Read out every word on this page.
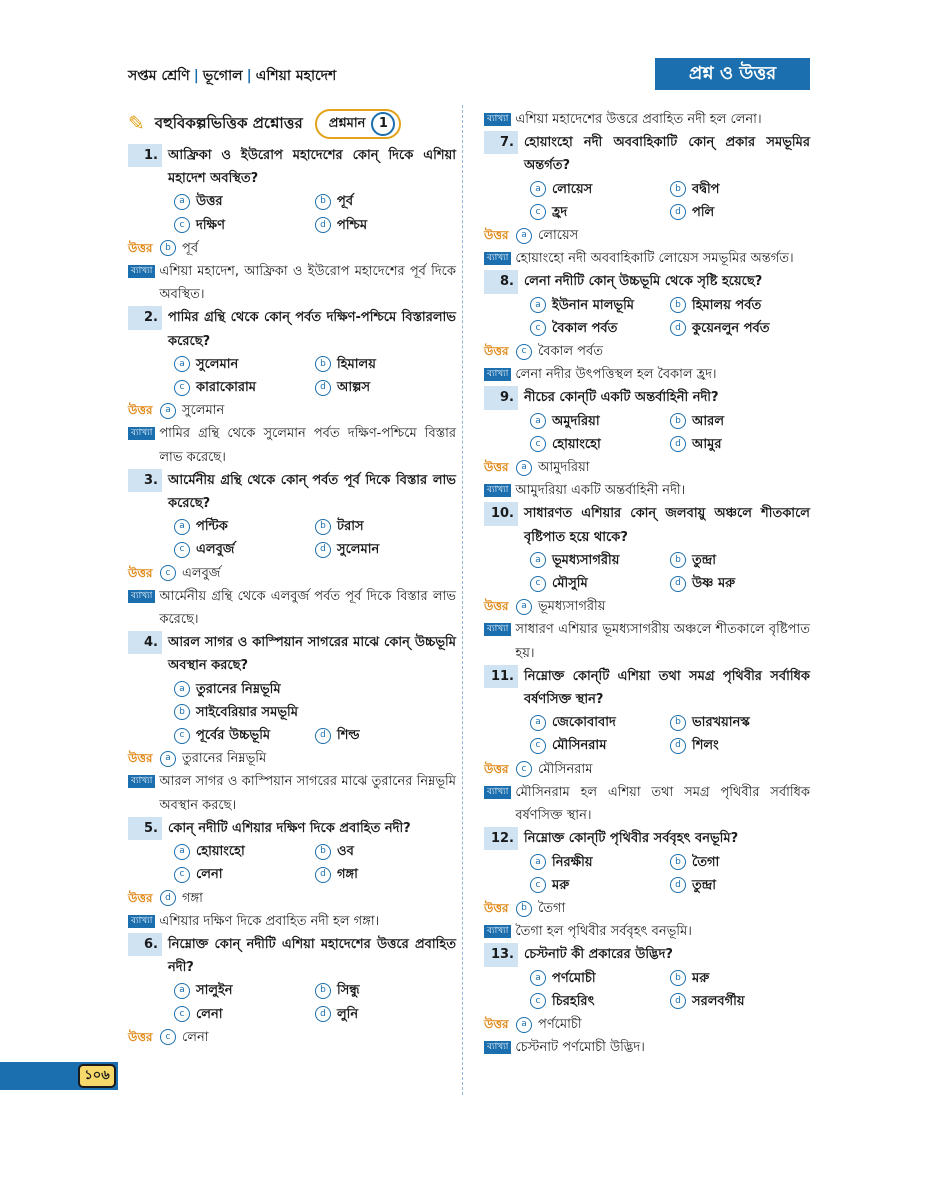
সপ্তম শ্রেণি | ভূগোল | এশিয়া মহাদেশ	প্রশ্ন ও উত্তর
✎ বহুবিকল্পভিত্তিক প্রশ্নোত্তর প্রশ্নমান	1
1. আফ্রিকা ও ইউরোপ মহাদেশের কোন্ দিকে এশিয়া মহাদেশ অবস্থিত?
a উত্তর	b পূর্ব
c দক্ষিণ	d পশ্চিম
উত্তর	b পূর্ব
ব্যাখ্যা এশিয়া মহাদেশ, আফ্রিকা ও ইউরোপ মহাদেশের পূর্ব দিকে অবস্থিত।
2. পামির গ্রন্থি থেকে কোন্ পর্বত দক্ষিণ-পশ্চিমে বিস্তারলাভ করেছে?
a সুলেমান	b হিমালয়
c কারাকোরাম	d আল্পস
উত্তর	a সুলেমান
ব্যাখ্যা পামির গ্রন্থি থেকে সুলেমান পর্বত দক্ষিণ-পশ্চিমে বিস্তার লাভ করেছে।
3. আর্মেনীয় গ্রন্থি থেকে কোন্ পর্বত পূর্ব দিকে বিস্তার লাভ করেছে?
a পন্টিক	b টরাস
c এলবুর্জ	d সুলেমান
উত্তর	c এলবুর্জ
ব্যাখ্যা আর্মেনীয় গ্রন্থি থেকে এলবুর্জ পর্বত পূর্ব দিকে বিস্তার লাভ করেছে।
4. আরল সাগর ও কাস্পিয়ান সাগরের মাঝে কোন্ উচ্চভূমি অবস্থান করছে?
a তুরানের নিম্নভূমি
b সাইবেরিয়ার সমভূমি
c পূর্বের উচ্চভূমি	d শিল্ড
উত্তর	a তুরানের নিম্নভূমি
ব্যাখ্যা আরল সাগর ও কাস্পিয়ান সাগরের মাঝে তুরানের নিম্নভূমি অবস্থান করছে।
5. কোন্ নদীটি এশিয়ার দক্ষিণ দিকে প্রবাহিত নদী?
a হোয়াংহো	b ওব
c লেনা	d গঙ্গা
উত্তর	d গঙ্গা
ব্যাখ্যা এশিয়ার দক্ষিণ দিকে প্রবাহিত নদী হল গঙ্গা।
6. নিম্নোক্ত কোন্ নদীটি এশিয়া মহাদেশের উত্তরে প্রবাহিত নদী?
a সালুইন	b সিন্ধু
c লেনা	d লুনি
উত্তর	c লেনা
ব্যাখ্যা এশিয়া মহাদেশের উত্তরে প্রবাহিত নদী হল লেনা।
7. হোয়াংহো নদী অববাহিকাটি কোন্ প্রকার সমভূমির অন্তর্গত?
a লোয়েস	b বদ্বীপ
c হ্রদ	d পলি
উত্তর	a লোয়েস
ব্যাখ্যা হোয়াংহো নদী অববাহিকাটি লোয়েস সমভূমির অন্তর্গত।
8. লেনা নদীটি কোন্ উচ্চভূমি থেকে সৃষ্টি হয়েছে?
a ইউনান মালভূমি	b হিমালয় পর্বত
c বৈকাল পর্বত	d কুয়েনলুন পর্বত
উত্তর	c বৈকাল পর্বত
ব্যাখ্যা লেনা নদীর উৎপত্তিস্থল হল বৈকাল হ্রদ।
9. নীচের কোন্‌টি একটি অন্তর্বাহিনী নদী?
a অমুদরিয়া	b আরল
c হোয়াংহো	d আমুর
উত্তর	a আমুদরিয়া
ব্যাখ্যা আমুদরিয়া একটি অন্তর্বাহিনী নদী।
10. সাধারণত এশিয়ার কোন্ জলবায়ু অঞ্চলে শীতকালে বৃষ্টিপাত হয়ে থাকে?
a ভূমধ্যসাগরীয়	b তুন্দ্রা
c মৌসুমি	d উষ্ণ মরু
উত্তর	a ভূমধ্যসাগরীয়
ব্যাখ্যা সাধারণ এশিয়ার ভূমধ্যসাগরীয় অঞ্চলে শীতকালে বৃষ্টিপাত হয়।
11. নিম্নোক্ত কোন্‌টি এশিয়া তথা সমগ্র পৃথিবীর সর্বাধিক বর্ষণসিক্ত স্থান?
a জেকোবাবাদ	b ভারখয়ানস্ক
c মৌসিনরাম	d শিলং
উত্তর	c মৌসিনরাম
ব্যাখ্যা মৌসিনরাম হল এশিয়া তথা সমগ্র পৃথিবীর সর্বাধিক বর্ষণসিক্ত স্থান।
12. নিম্নোক্ত কোন্‌টি পৃথিবীর সর্ববৃহৎ বনভূমি?
a নিরক্ষীয়	b তৈগা
c মরু	d তুন্দ্রা
উত্তর	b তৈগা
ব্যাখ্যা তৈগা হল পৃথিবীর সর্ববৃহৎ বনভূমি।
13. চেস্টনাট কী প্রকারের উদ্ভিদ?
a পর্ণমোচী	b মরু
c চিরহরিৎ	d সরলবর্গীয়
উত্তর	a পর্ণমোচী
ব্যাখ্যা চেস্টনাট পর্ণমোচী উদ্ভিদ।
১০৬
